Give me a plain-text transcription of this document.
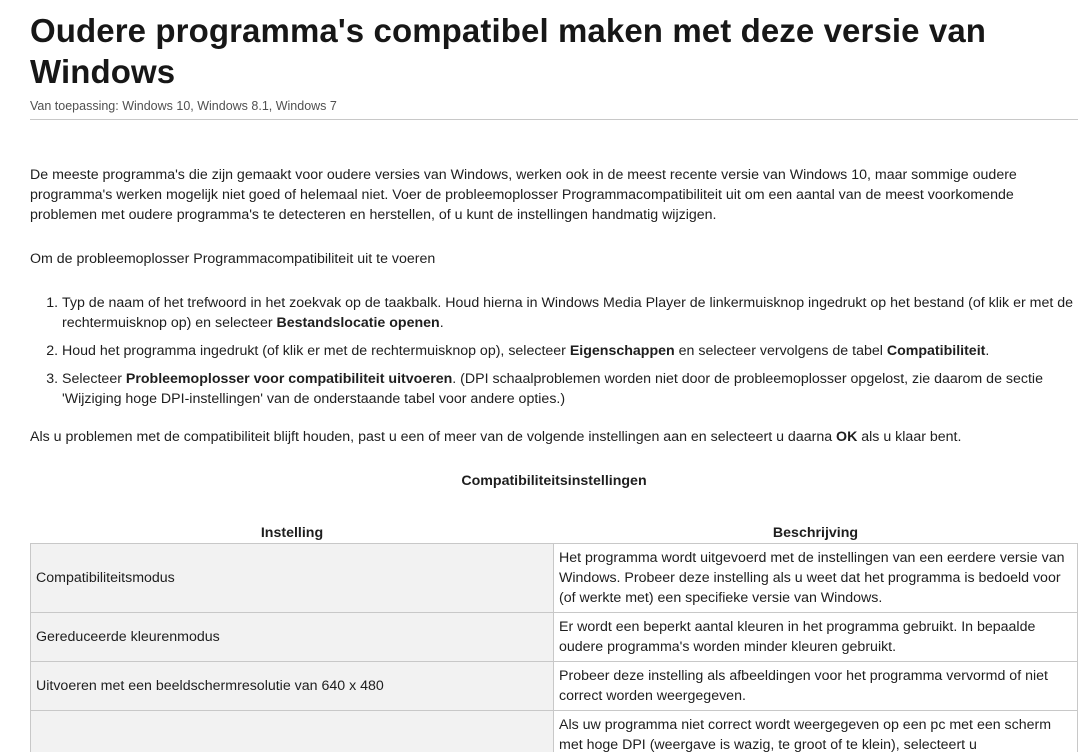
Oudere programma's compatibel maken met deze versie van Windows
Van toepassing: Windows 10, Windows 8.1, Windows 7

De meeste programma's die zijn gemaakt voor oudere versies van Windows, werken ook in de meest recente versie van Windows 10, maar sommige oudere programma's werken mogelijk niet goed of helemaal niet. Voer de probleemoplosser Programmacompatibiliteit uit om een aantal van de meest voorkomende problemen met oudere programma's te detecteren en herstellen, of u kunt de instellingen handmatig wijzigen.

Om de probleemoplosser Programmacompatibiliteit uit te voeren

1. Typ de naam of het trefwoord in het zoekvak op de taakbalk. Houd hierna in Windows Media Player de linkermuisknop ingedrukt op het bestand (of klik er met de rechtermuisknop op) en selecteer Bestandslocatie openen.
2. Houd het programma ingedrukt (of klik er met de rechtermuisknop op), selecteer Eigenschappen en selecteer vervolgens de tabel Compatibiliteit.
3. Selecteer Probleemoplosser voor compatibiliteit uitvoeren. (DPI schaalproblemen worden niet door de probleemoplosser opgelost, zie daarom de sectie 'Wijziging hoge DPI-instellingen' van de onderstaande tabel voor andere opties.)

Als u problemen met de compatibiliteit blijft houden, past u een of meer van de volgende instellingen aan en selecteert u daarna OK als u klaar bent.

Compatibiliteitsinstellingen
Instelling	Beschrijving
Compatibiliteitsmodus	Het programma wordt uitgevoerd met de instellingen van een eerdere versie van Windows. Probeer deze instelling als u weet dat het programma is bedoeld voor (of werkte met) een specifieke versie van Windows.
Gereduceerde kleurenmodus	Er wordt een beperkt aantal kleuren in het programma gebruikt. In bepaalde oudere programma's worden minder kleuren gebruikt.
Uitvoeren met een beeldschermresolutie van 640 x 480	Probeer deze instelling als afbeeldingen voor het programma vervormd of niet correct worden weergegeven.
	Als uw programma niet correct wordt weergegeven op een pc met een scherm met hoge DPI (weergave is wazig, te groot of te klein), selecteert u
